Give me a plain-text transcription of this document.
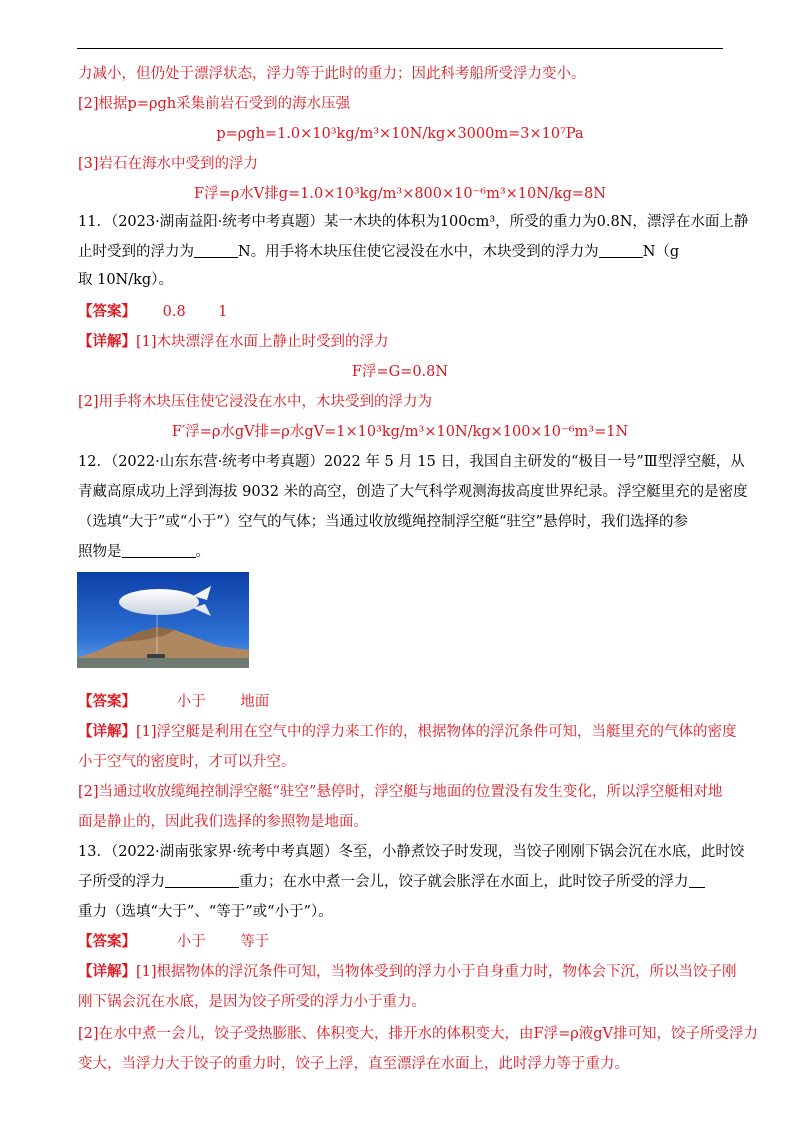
力减小，但仍处于漂浮状态，浮力等于此时的重力；因此科考船所受浮力变小。
[2]根据p=ρgh采集前岩石受到的海水压强
p=ρgh=1.0×10³kg/m³×10N/kg×3000m=3×10⁷Pa
[3]岩石在海水中受到的浮力
F浮=ρ水V排g=1.0×10³kg/m³×800×10⁻⁶m³×10N/kg=8N
11．（2023·湖南益阳·统考中考真题）某一木块的体积为100cm³，所受的重力为0.8N，漂浮在水面上静
止时受到的浮力为	N。用手将木块压住使它浸没在水中，木块受到的浮力为	N（g
取 10N/kg）。
【答案】 0.8 1
【详解】[1]木块漂浮在水面上静止时受到的浮力
F浮=G=0.8N
[2]用手将木块压住使它浸没在水中，木块受到的浮力为
F′浮=ρ水gV排=ρ水gV=1×10³kg/m³×10N/kg×100×10⁻⁶m³=1N
12．（2022·山东东营·统考中考真题）2022 年 5 月 15 日，我国自主研发的“极目一号”Ⅲ型浮空艇，从
青藏高原成功上浮到海拔 9032 米的高空，创造了大气科学观测海拔高度世界纪录。浮空艇里充的是密度
（选填“大于”或“小于”）空气的气体；当通过收放缆绳控制浮空艇“驻空”悬停时，我们选择的参
照物是	。
【答案】	小于 地面
【详解】[1]浮空艇是利用在空气中的浮力来工作的，根据物体的浮沉条件可知，当艇里充的气体的密度
小于空气的密度时，才可以升空。
[2]当通过收放缆绳控制浮空艇“驻空”悬停时，浮空艇与地面的位置没有发生变化，所以浮空艇相对地
面是静止的，因此我们选择的参照物是地面。
13．（2022·湖南张家界·统考中考真题）冬至，小静煮饺子时发现，当饺子刚刚下锅会沉在水底，此时饺
子所受的浮力	重力；在水中煮一会儿，饺子就会胀浮在水面上，此时饺子所受的浮力
重力（选填“大于”、“等于”或“小于”）。
【答案】	小于 等于
【详解】[1]根据物体的浮沉条件可知，当物体受到的浮力小于自身重力时，物体会下沉，所以当饺子刚
刚下锅会沉在水底，是因为饺子所受的浮力小于重力。
[2]在水中煮一会儿，饺子受热膨胀、体积变大，排开水的体积变大，由F浮=ρ液gV排可知，饺子所受浮力
变大，当浮力大于饺子的重力时，饺子上浮，直至漂浮在水面上，此时浮力等于重力。
